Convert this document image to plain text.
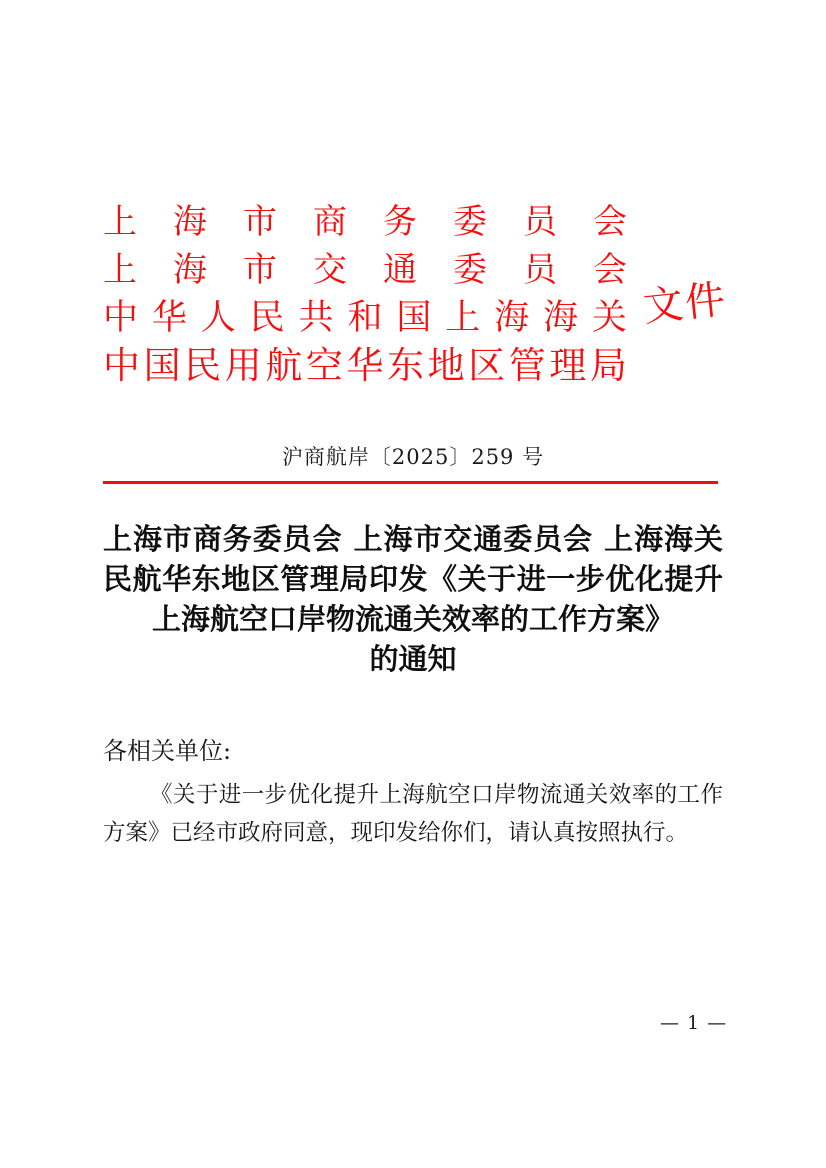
上 海 市 商 务 委 员 会
上 海 市 交 通 委 员 会
中 华 人 民 共 和 国 上 海 海 关
中 国 民 用 航 空 华 东 地 区 管 理 局
文件
沪商航岸〔2025〕259 号
上海市商务委员会 上海市交通委员会 上海海关
民航华东地区管理局印发《关于进一步优化提升
上海航空口岸物流通关效率的工作方案》
的通知
各相关单位:
《关于进一步优化提升上海航空口岸物流通关效率的工作
方案》已经市政府同意，现印发给你们，请认真按照执行。
— 1 —
